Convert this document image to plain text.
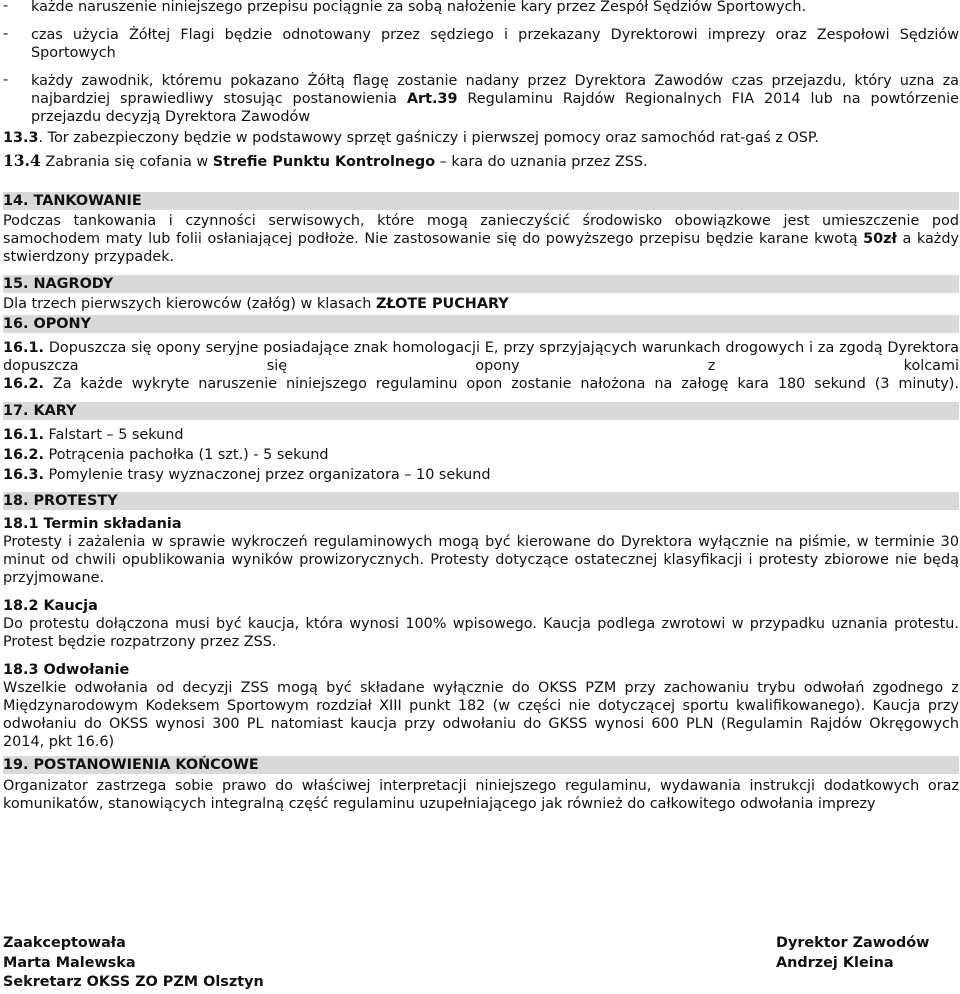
-	każde naruszenie niniejszego przepisu pociągnie za sobą nałożenie kary przez Zespół Sędziów Sportowych.

-	czas użycia Żółtej Flagi będzie odnotowany przez sędziego i przekazany Dyrektorowi imprezy oraz Zespołowi Sędziów Sportowych

-	każdy zawodnik, któremu pokazano Żółtą flagę zostanie nadany przez Dyrektora Zawodów czas przejazdu, który uzna za najbardziej sprawiedliwy stosując postanowienia Art.39 Regulaminu Rajdów Regionalnych FIA 2014 lub na powtórzenie przejazdu decyzją Dyrektora Zawodów

13.3. Tor zabezpieczony będzie w podstawowy sprzęt gaśniczy i pierwszej pomocy oraz samochód rat-gaś z OSP.

13.4 Zabrania się cofania w Strefie Punktu Kontrolnego – kara do uznania przez ZSS.

14. TANKOWANIE

Podczas tankowania i czynności serwisowych, które mogą zanieczyścić środowisko obowiązkowe jest umieszczenie pod samochodem maty lub folii osłaniającej podłoże. Nie zastosowanie się do powyższego przepisu będzie karane kwotą 50zł a każdy stwierdzony przypadek.

15. NAGRODY

Dla trzech pierwszych kierowców (załóg) w klasach ZŁOTE PUCHARY

16. OPONY

16.1. Dopuszcza się opony seryjne posiadające znak homologacji E, przy sprzyjających warunkach drogowych i za zgodą Dyrektora dopuszcza się opony z kolcami

16.2. Za każde wykryte naruszenie niniejszego regulaminu opon zostanie nałożona na załogę kara 180 sekund (3 minuty).

17. KARY

16.1. Falstart – 5 sekund

16.2. Potrącenia pachołka (1 szt.) - 5 sekund

16.3. Pomylenie trasy wyznaczonej przez organizatora – 10 sekund

18. PROTESTY

18.1 Termin składania

Protesty i zażalenia w sprawie wykroczeń regulaminowych mogą być kierowane do Dyrektora wyłącznie na piśmie, w terminie 30 minut od chwili opublikowania wyników prowizorycznych. Protesty dotyczące ostatecznej klasyfikacji i protesty zbiorowe nie będą przyjmowane.

18.2 Kaucja

Do protestu dołączona musi być kaucja, która wynosi 100% wpisowego. Kaucja podlega zwrotowi w przypadku uznania protestu. Protest będzie rozpatrzony przez ZSS.

18.3 Odwołanie

Wszelkie odwołania od decyzji ZSS mogą być składane wyłącznie do OKSS PZM przy zachowaniu trybu odwołań zgodnego z Międzynarodowym Kodeksem Sportowym rozdział XIII punkt 182 (w części nie dotyczącej sportu kwalifikowanego). Kaucja przy odwołaniu do OKSS wynosi 300 PL natomiast kaucja przy odwołaniu do GKSS wynosi 600 PLN (Regulamin Rajdów Okręgowych 2014, pkt 16.6)

19. POSTANOWIENIA KOŃCOWE

Organizator zastrzega sobie prawo do właściwej interpretacji niniejszego regulaminu, wydawania instrukcji dodatkowych oraz komunikatów, stanowiących integralną część regulaminu uzupełniającego jak również do całkowitego odwołania imprezy

Zaakceptowała
Marta Malewska
Sekretarz OKSS ZO PZM Olsztyn
Dyrektor Zawodów
Andrzej Kleina
